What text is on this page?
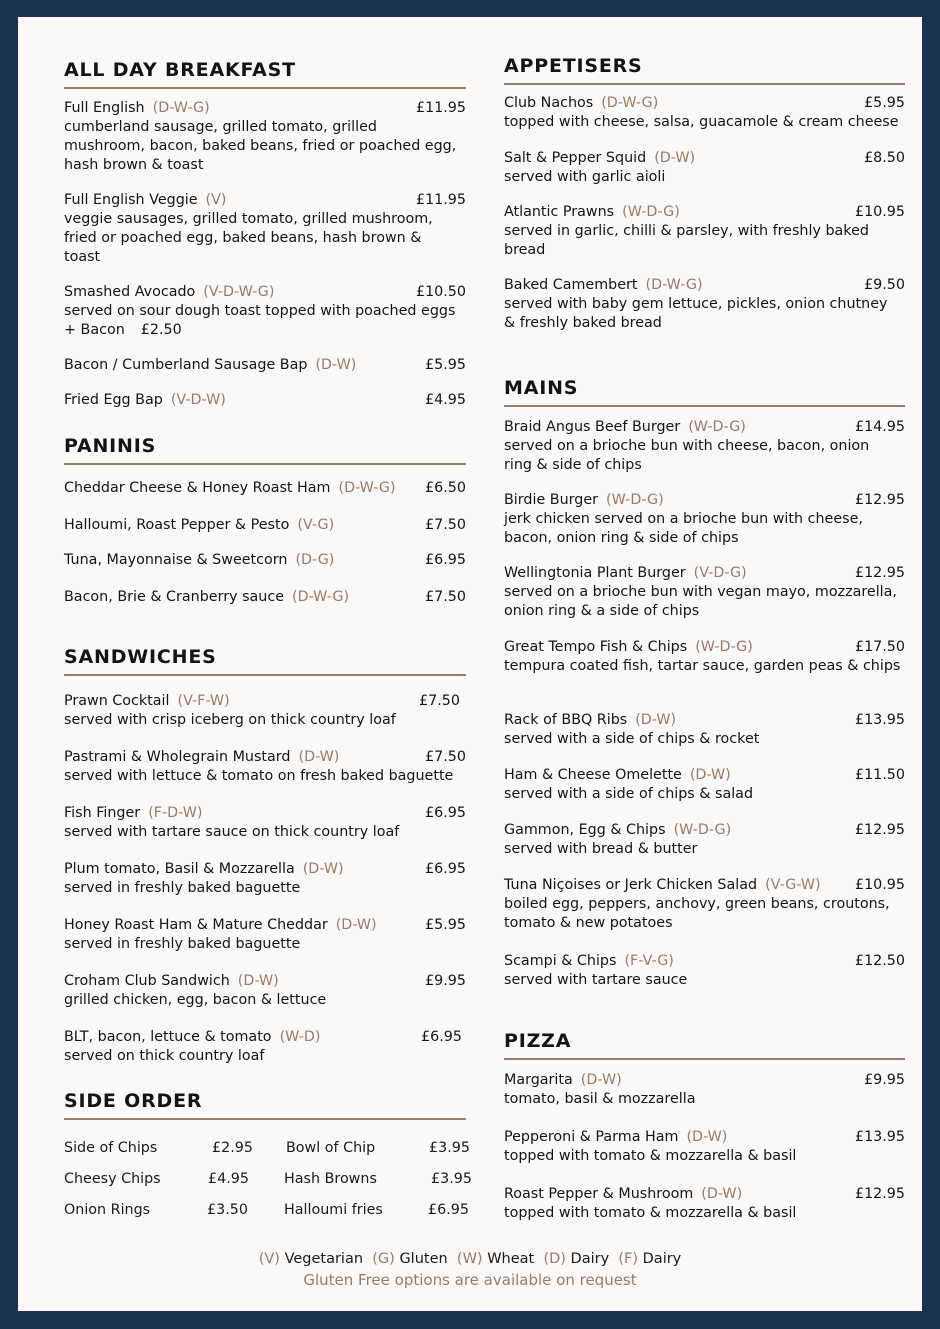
ALL DAY BREAKFAST
Full English (D-W-G)	£11.95
cumberland sausage, grilled tomato, grilled mushroom, bacon, baked beans, fried or poached egg, hash brown & toast
Full English Veggie (V)	£11.95
veggie sausages, grilled tomato, grilled mushroom, fried or poached egg, baked beans, hash brown & toast
Smashed Avocado (V-D-W-G)	£10.50
served on sour dough toast topped with poached eggs
+ Bacon £2.50
Bacon / Cumberland Sausage Bap (D-W)	£5.95
Fried Egg Bap (V-D-W)	£4.95
PANINIS
Cheddar Cheese & Honey Roast Ham (D-W-G) £6.50
Halloumi, Roast Pepper & Pesto (V-G)	£7.50
Tuna, Mayonnaise & Sweetcorn (D-G)	£6.95
Bacon, Brie & Cranberry sauce (D-W-G)	£7.50
SANDWICHES
Prawn Cocktail (V-F-W)	£7.50
served with crisp iceberg on thick country loaf
Pastrami & Wholegrain Mustard (D-W)	£7.50
served with lettuce & tomato on fresh baked baguette
Fish Finger (F-D-W)	£6.95
served with tartare sauce on thick country loaf
Plum tomato, Basil & Mozzarella (D-W)	£6.95
served in freshly baked baguette
Honey Roast Ham & Mature Cheddar (D-W)	£5.95
served in freshly baked baguette
Croham Club Sandwich (D-W)	£9.95
grilled chicken, egg, bacon & lettuce
BLT, bacon, lettuce & tomato (W-D)	£6.95
served on thick country loaf
SIDE ORDER
Side of Chips	£2.95 Bowl of Chip	£3.95
Cheesy Chips	£4.95 Hash Browns	£3.95
Onion Rings	£3.50	Halloumi fries	£6.95
APPETISERS
Club Nachos (D-W-G)	£5.95
topped with cheese, salsa, guacamole & cream cheese
Salt & Pepper Squid (D-W)	£8.50
served with garlic aioli
Atlantic Prawns (W-D-G)	£10.95
served in garlic, chilli & parsley, with freshly baked bread
Baked Camembert (D-W-G)	£9.50
served with baby gem lettuce, pickles, onion chutney & freshly baked bread
MAINS
Braid Angus Beef Burger (W-D-G)	£14.95
served on a brioche bun with cheese, bacon, onion ring & side of chips
Birdie Burger (W-D-G)	£12.95
jerk chicken served on a brioche bun with cheese, bacon, onion ring & side of chips
Wellingtonia Plant Burger (V-D-G)	£12.95
served on a brioche bun with vegan mayo, mozzarella, onion ring & a side of chips
Great Tempo Fish & Chips (W-D-G)	£17.50
tempura coated fish, tartar sauce, garden peas & chips
Rack of BBQ Ribs (D-W)	£13.95
served with a side of chips & rocket
Ham & Cheese Omelette (D-W)	£11.50
served with a side of chips & salad
Gammon, Egg & Chips (W-D-G)	£12.95
served with bread & butter
Tuna Niçoises or Jerk Chicken Salad (V-G-W) £10.95
boiled egg, peppers, anchovy, green beans, croutons, tomato & new potatoes
Scampi & Chips (F-V-G)	£12.50
served with tartare sauce
PIZZA
Margarita (D-W)	£9.95
tomato, basil & mozzarella
Pepperoni & Parma Ham (D-W)	£13.95
topped with tomato & mozzarella & basil
Roast Pepper & Mushroom (D-W)	£12.95
topped with tomato & mozzarella & basil
(V) Vegetarian (G) Gluten (W) Wheat (D) Dairy (F) Dairy
Gluten Free options are available on request
